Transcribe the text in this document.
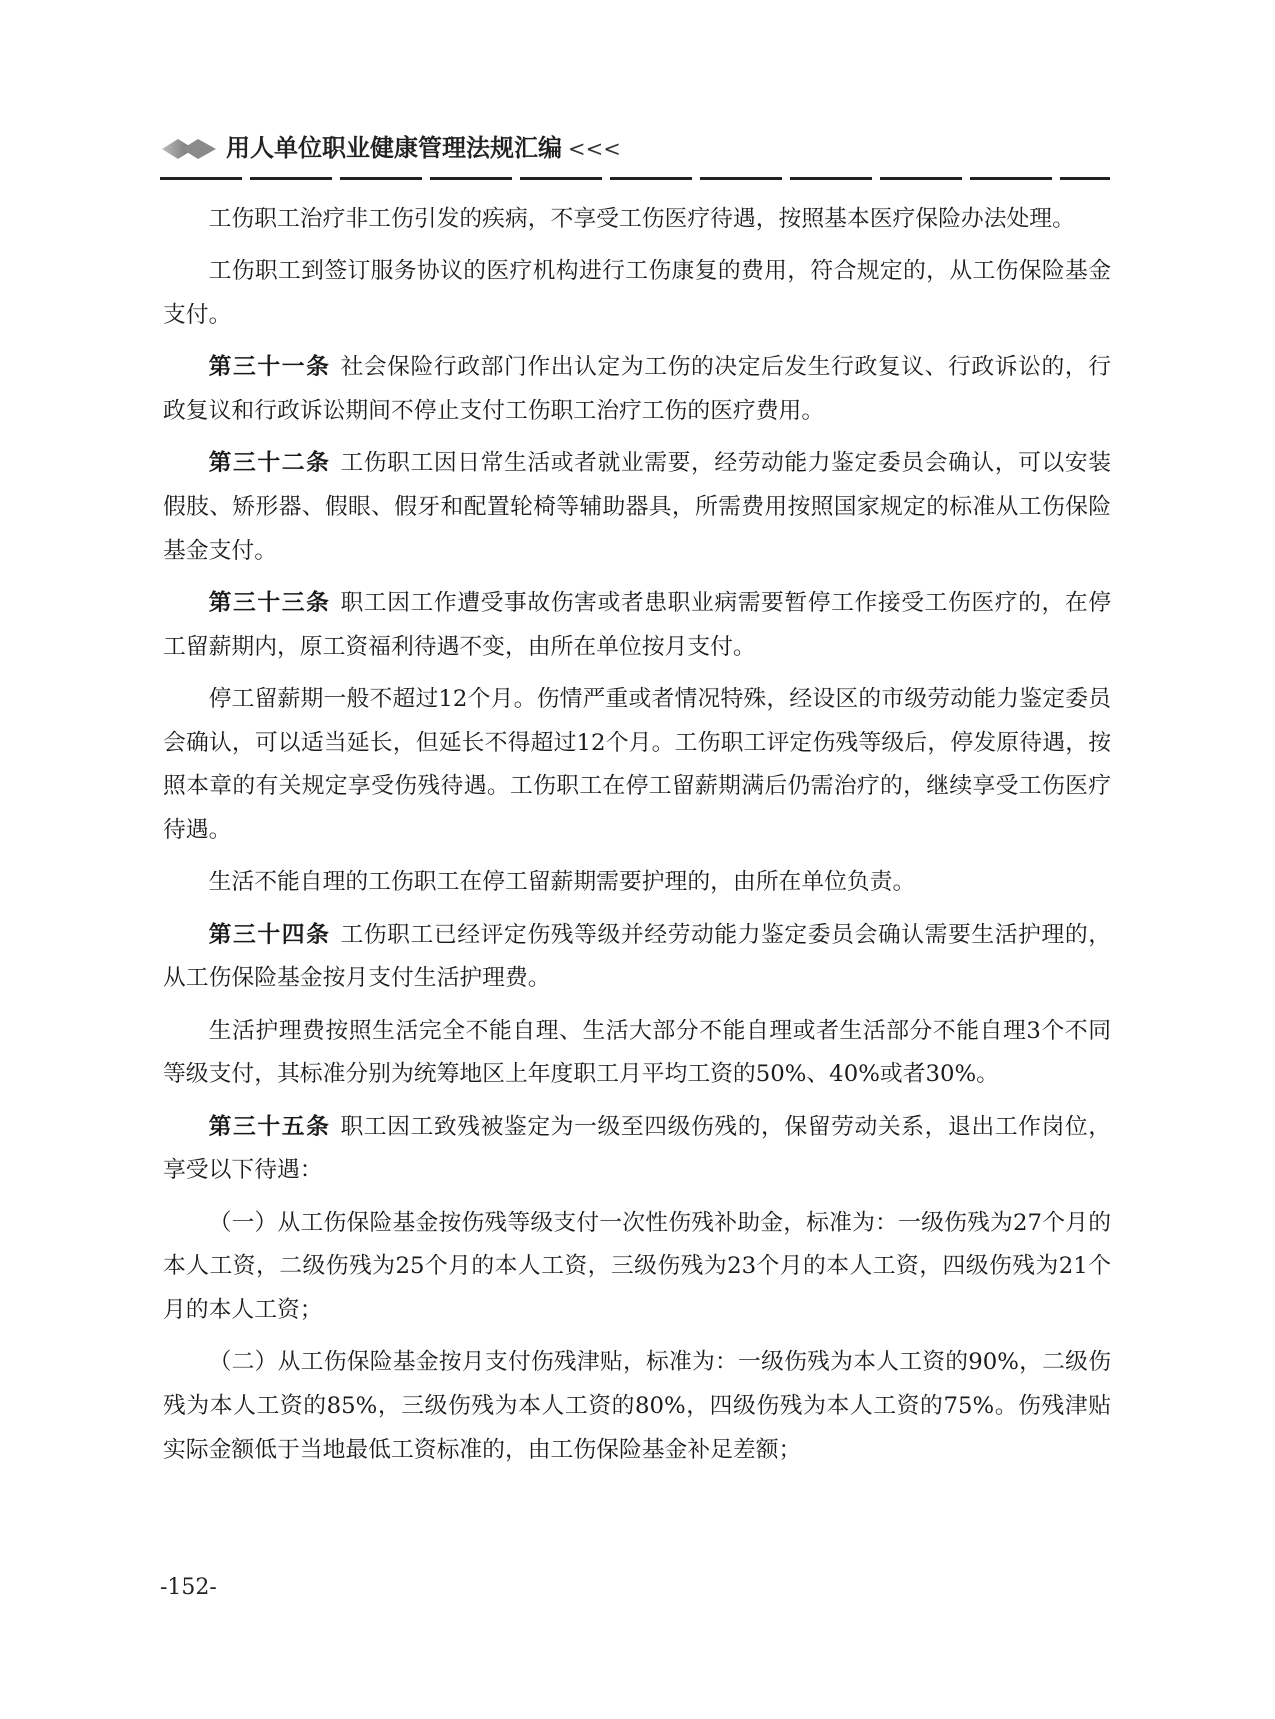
用人单位职业健康管理法规汇编 <<<

工伤职工治疗非工伤引发的疾病，不享受工伤医疗待遇，按照基本医疗保险办法处理。

工伤职工到签订服务协议的医疗机构进行工伤康复的费用，符合规定的，从工伤保险基金支付。

第三十一条 社会保险行政部门作出认定为工伤的决定后发生行政复议、行政诉讼的，行政复议和行政诉讼期间不停止支付工伤职工治疗工伤的医疗费用。

第三十二条 工伤职工因日常生活或者就业需要，经劳动能力鉴定委员会确认，可以安装假肢、矫形器、假眼、假牙和配置轮椅等辅助器具，所需费用按照国家规定的标准从工伤保险基金支付。

第三十三条 职工因工作遭受事故伤害或者患职业病需要暂停工作接受工伤医疗的，在停工留薪期内，原工资福利待遇不变，由所在单位按月支付。

停工留薪期一般不超过12个月。伤情严重或者情况特殊，经设区的市级劳动能力鉴定委员会确认，可以适当延长，但延长不得超过12个月。工伤职工评定伤残等级后，停发原待遇，按照本章的有关规定享受伤残待遇。工伤职工在停工留薪期满后仍需治疗的，继续享受工伤医疗待遇。

生活不能自理的工伤职工在停工留薪期需要护理的，由所在单位负责。

第三十四条 工伤职工已经评定伤残等级并经劳动能力鉴定委员会确认需要生活护理的，从工伤保险基金按月支付生活护理费。

生活护理费按照生活完全不能自理、生活大部分不能自理或者生活部分不能自理3个不同等级支付，其标准分别为统筹地区上年度职工月平均工资的50%、40%或者30%。

第三十五条 职工因工致残被鉴定为一级至四级伤残的，保留劳动关系，退出工作岗位，享受以下待遇：

（一）从工伤保险基金按伤残等级支付一次性伤残补助金，标准为：一级伤残为27个月的本人工资，二级伤残为25个月的本人工资，三级伤残为23个月的本人工资，四级伤残为21个月的本人工资；

（二）从工伤保险基金按月支付伤残津贴，标准为：一级伤残为本人工资的90%，二级伤残为本人工资的85%，三级伤残为本人工资的80%，四级伤残为本人工资的75%。伤残津贴实际金额低于当地最低工资标准的，由工伤保险基金补足差额；

-152-
